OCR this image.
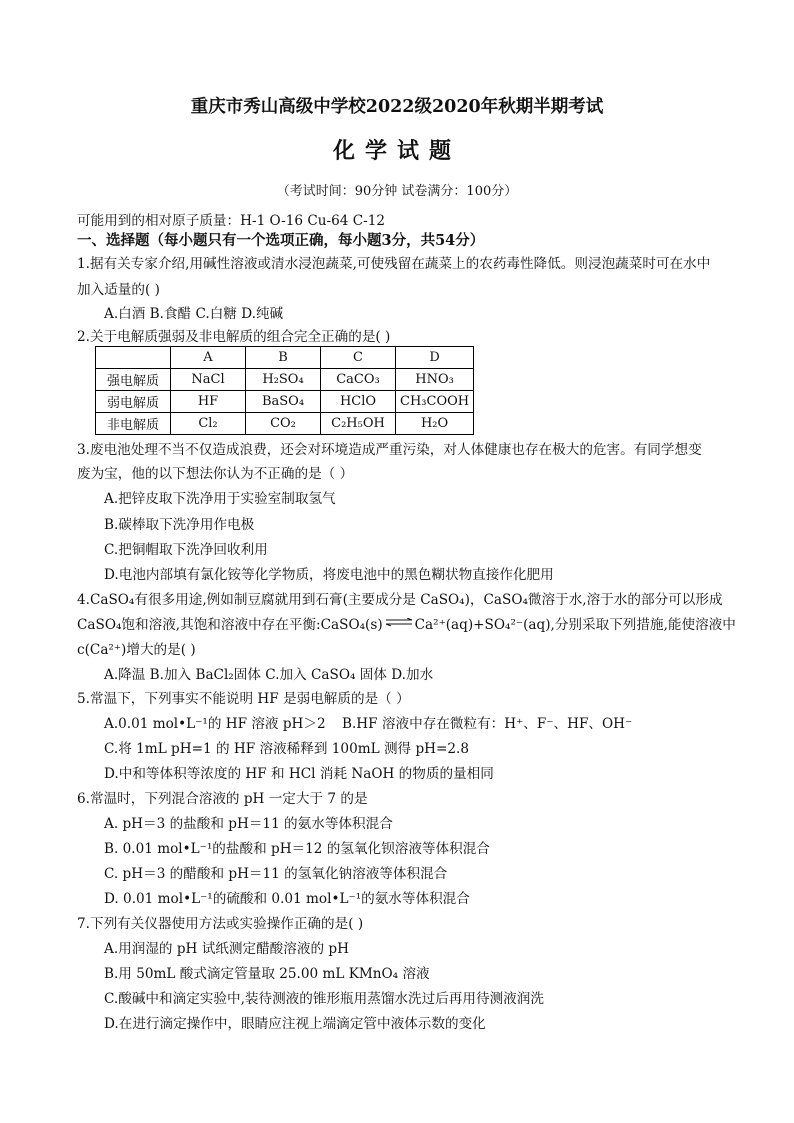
重庆市秀山高级中学校2022级2020年秋期半期考试
化学试题
（考试时间：90分钟 试卷满分：100分）
可能用到的相对原子质量：H-1 O-16 Cu-64 C-12
一、选择题（每小题只有一个选项正确，每小题3分，共54分）
1.据有关专家介绍,用碱性溶液或清水浸泡蔬菜,可使残留在蔬菜上的农药毒性降低。则浸泡蔬菜时可在水中
加入适量的( )
A.白酒 B.食醋 C.白糖 D.纯碱
2.关于电解质强弱及非电解质的组合完全正确的是( )
	A	B	C	D
强电解质	NaCl	H₂SO₄	CaCO₃	HNO₃
弱电解质	HF	BaSO₄	HClO	CH₃COOH
非电解质	Cl₂	CO₂	C₂H₅OH	H₂O
3.废电池处理不当不仅造成浪费，还会对环境造成严重污染，对人体健康也存在极大的危害。有同学想变
废为宝，他的以下想法你认为不正确的是（ ）
A.把锌皮取下洗净用于实验室制取氢气
B.碳棒取下洗净用作电极
C.把铜帽取下洗净回收利用
D.电池内部填有氯化铵等化学物质，将废电池中的黑色糊状物直接作化肥用
4.CaSO₄有很多用途,例如制豆腐就用到石膏(主要成分是 CaSO₄)，CaSO₄微溶于水,溶于水的部分可以形成
CaSO₄饱和溶液,其饱和溶液中存在平衡:CaSO₄(s) ⇌ Ca²⁺(aq)+SO₄²⁻(aq),分别采取下列措施,能使溶液中
c(Ca²⁺)增大的是( )
A.降温 B.加入 BaCl₂固体 C.加入 CaSO₄ 固体 D.加水
5.常温下，下列事实不能说明 HF 是弱电解质的是（ ）
A.0.01 mol•L⁻¹的 HF 溶液 pH＞2 B.HF 溶液中存在微粒有：H⁺、F⁻、HF、OH⁻
C.将 1mL pH=1 的 HF 溶液稀释到 100mL 测得 pH=2.8
D.中和等体积等浓度的 HF 和 HCl 消耗 NaOH 的物质的量相同
6.常温时，下列混合溶液的 pH 一定大于 7 的是
A. pH＝3 的盐酸和 pH＝11 的氨水等体积混合
B. 0.01 mol•L⁻¹的盐酸和 pH＝12 的氢氧化钡溶液等体积混合
C. pH＝3 的醋酸和 pH＝11 的氢氧化钠溶液等体积混合
D. 0.01 mol•L⁻¹的硫酸和 0.01 mol•L⁻¹的氨水等体积混合
7.下列有关仪器使用方法或实验操作正确的是( )
A.用润湿的 pH 试纸测定醋酸溶液的 pH
B.用 50mL 酸式滴定管量取 25.00 mL KMnO₄ 溶液
C.酸碱中和滴定实验中,装待测液的锥形瓶用蒸馏水洗过后再用待测液润洗
D.在进行滴定操作中，眼睛应注视上端滴定管中液体示数的变化
